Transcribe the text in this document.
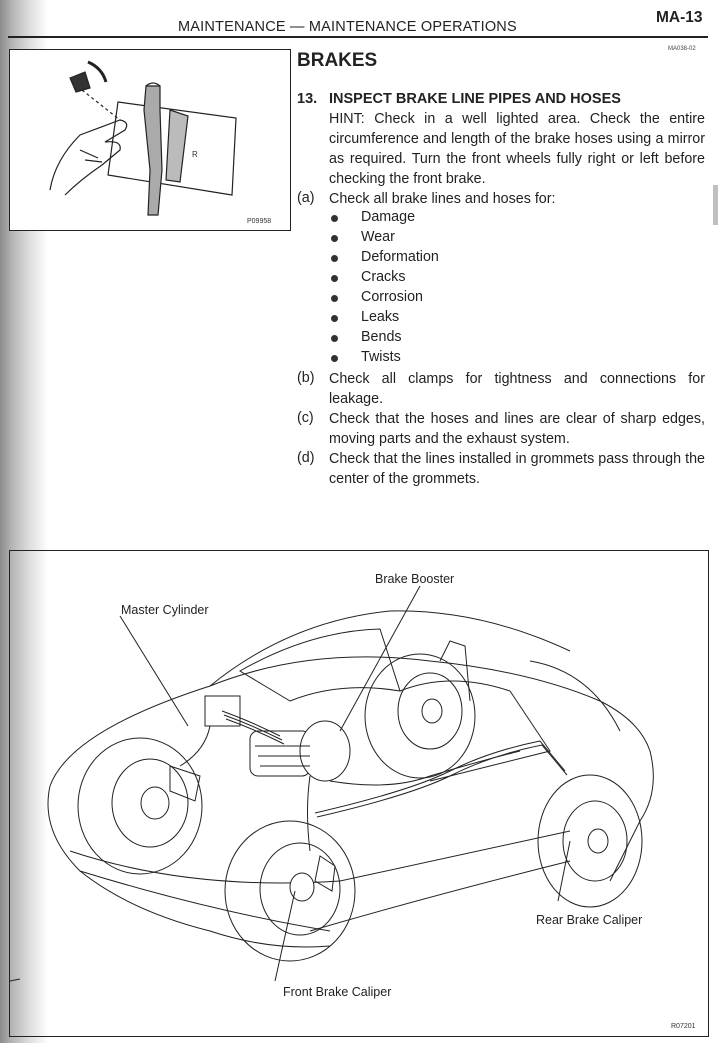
MAINTENANCE — MAINTENANCE OPERATIONS
MA-13
MA038-02
R
P09958
BRAKES
13. INSPECT BRAKE LINE PIPES AND HOSES
HINT: Check in a well lighted area. Check the entire circumference and length of the brake hoses using a mirror as required. Turn the front wheels fully right or left before checking the front brake.
(a) Check all brake lines and hoses for:
Damage
Wear
Deformation
Cracks
Corrosion
Leaks
Bends
Twists
(b) Check all clamps for tightness and connections for leakage.
(c) Check that the hoses and lines are clear of sharp edges, moving parts and the exhaust system.
(d) Check that the lines installed in grommets pass through the center of the grommets.
Master Cylinder
Brake Booster
Rear Brake Caliper
Front Brake Caliper
R07201
